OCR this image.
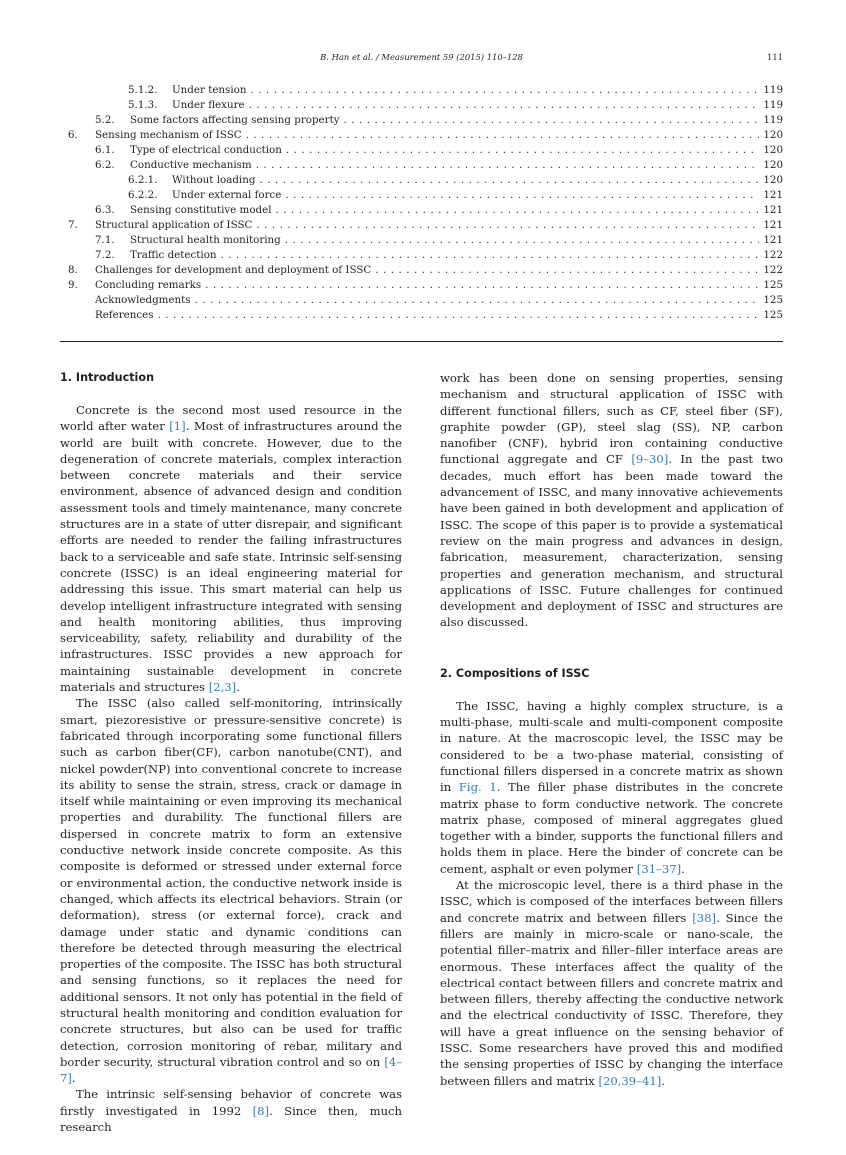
B. Han et al. / Measurement 59 (2015) 110–128	111
5.1.2.	Under tension . . .	119
5.1.3.	Under flexure . . .	119
5.2.	Some factors affecting sensing property . . .	119
6.	Sensing mechanism of ISSC . . .	120
6.1.	Type of electrical conduction . . .	120
6.2.	Conductive mechanism . . .	120
6.2.1.	Without loading . . .	120
6.2.2.	Under external force . . .	121
6.3.	Sensing constitutive model . . .	121
7.	Structural application of ISSC . . .	121
7.1.	Structural health monitoring . . .	121
7.2.	Traffic detection . . .	122
8.	Challenges for development and deployment of ISSC . . .	122
9.	Concluding remarks . . .	125
Acknowledgments . . .	125
References . . .	125
1. Introduction

Concrete is the second most used resource in the world after water [1]. Most of infrastructures around the world are built with concrete. However, due to the degeneration of concrete materials, complex interaction between concrete materials and their service environment, absence of advanced design and condition assessment tools and timely maintenance, many concrete structures are in a state of utter disrepair, and significant efforts are needed to render the failing infrastructures back to a serviceable and safe state. Intrinsic self-sensing concrete (ISSC) is an ideal engineering material for addressing this issue. This smart material can help us develop intelligent infrastructure integrated with sensing and health monitoring abilities, thus improving serviceability, safety, reliability and durability of the infrastructures. ISSC provides a new approach for maintaining sustainable development in concrete materials and structures [2,3].

The ISSC (also called self-monitoring, intrinsically smart, piezoresistive or pressure-sensitive concrete) is fabricated through incorporating some functional fillers such as carbon fiber(CF), carbon nanotube(CNT), and nickel powder(NP) into conventional concrete to increase its ability to sense the strain, stress, crack or damage in itself while maintaining or even improving its mechanical properties and durability. The functional fillers are dispersed in concrete matrix to form an extensive conductive network inside concrete composite. As this composite is deformed or stressed under external force or environmental action, the conductive network inside is changed, which affects its electrical behaviors. Strain (or deformation), stress (or external force), crack and damage under static and dynamic conditions can therefore be detected through measuring the electrical properties of the composite. The ISSC has both structural and sensing functions, so it replaces the need for additional sensors. It not only has potential in the field of structural health monitoring and condition evaluation for concrete structures, but also can be used for traffic detection, corrosion monitoring of rebar, military and border security, structural vibration control and so on [4–7].

The intrinsic self-sensing behavior of concrete was firstly investigated in 1992 [8]. Since then, much research

work has been done on sensing properties, sensing mechanism and structural application of ISSC with different functional fillers, such as CF, steel fiber (SF), graphite powder (GP), steel slag (SS), NP, carbon nanofiber (CNF), hybrid iron containing conductive functional aggregate and CF [9–30]. In the past two decades, much effort has been made toward the advancement of ISSC, and many innovative achievements have been gained in both development and application of ISSC. The scope of this paper is to provide a systematical review on the main progress and advances in design, fabrication, measurement, characterization, sensing properties and generation mechanism, and structural applications of ISSC. Future challenges for continued development and deployment of ISSC and structures are also discussed.

2. Compositions of ISSC

The ISSC, having a highly complex structure, is a multi-phase, multi-scale and multi-component composite in nature. At the macroscopic level, the ISSC may be considered to be a two-phase material, consisting of functional fillers dispersed in a concrete matrix as shown in Fig. 1. The filler phase distributes in the concrete matrix phase to form conductive network. The concrete matrix phase, composed of mineral aggregates glued together with a binder, supports the functional fillers and holds them in place. Here the binder of concrete can be cement, asphalt or even polymer [31–37].

At the microscopic level, there is a third phase in the ISSC, which is composed of the interfaces between fillers and concrete matrix and between fillers [38]. Since the fillers are mainly in micro-scale or nano-scale, the potential filler–matrix and filler–filler interface areas are enormous. These interfaces affect the quality of the electrical contact between fillers and concrete matrix and between fillers, thereby affecting the conductive network and the electrical conductivity of ISSC. Therefore, they will have a great influence on the sensing behavior of ISSC. Some researchers have proved this and modified the sensing properties of ISSC by changing the interface between fillers and matrix [20,39–41].
